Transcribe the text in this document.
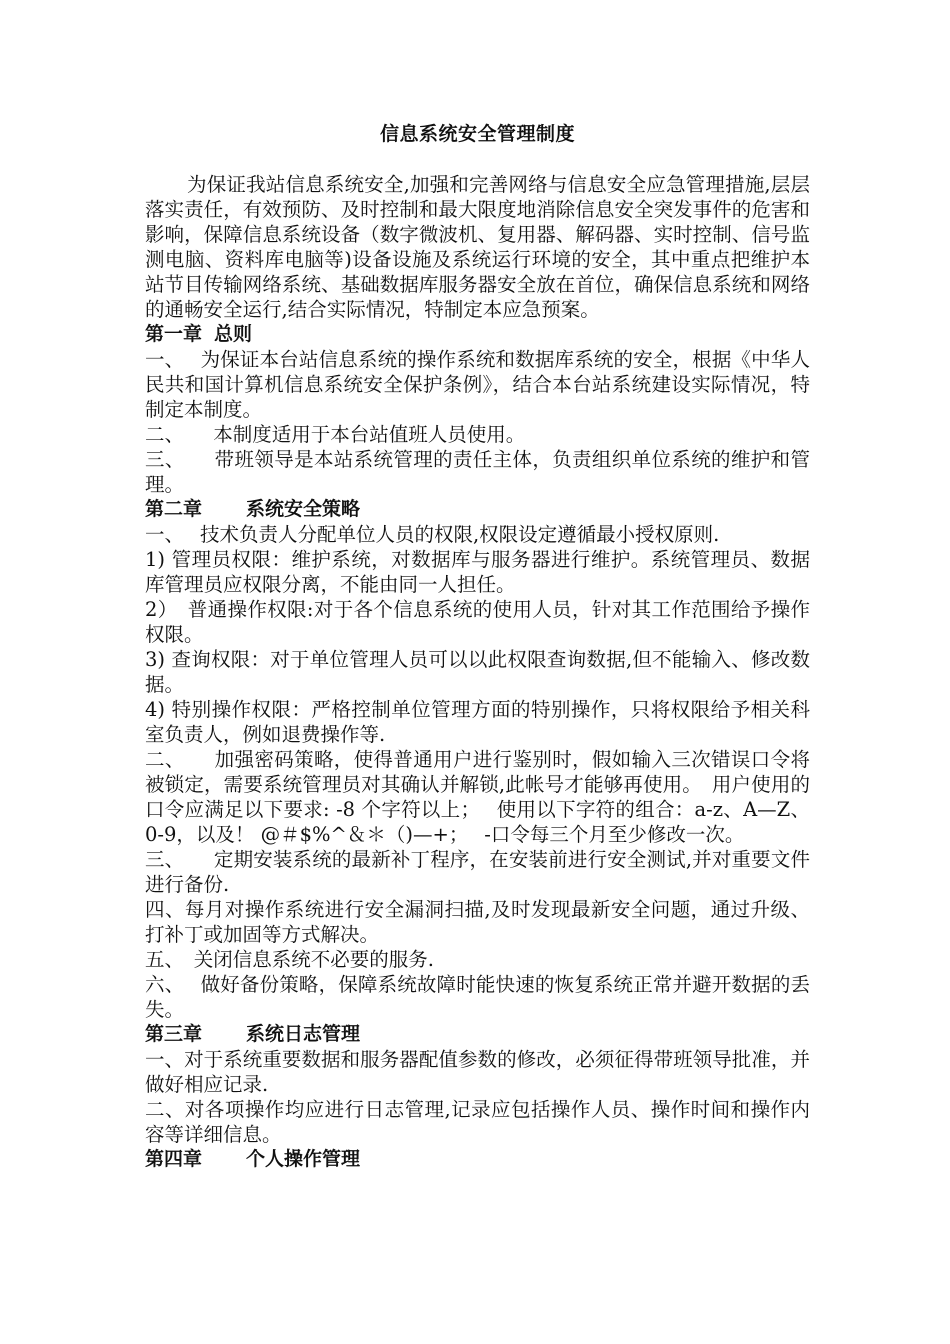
信息系统安全管理制度

为保证我站信息系统安全,加强和完善网络与信息安全应急管理措施,层层落实责任，有效预防、及时控制和最大限度地消除信息安全突发事件的危害和影响，保障信息系统设备（数字微波机、复用器、解码器、实时控制、信号监测电脑、资料库电脑等)设备设施及系统运行环境的安全，其中重点把维护本站节目传输网络系统、基础数据库服务器安全放在首位，确保信息系统和网络的通畅安全运行,结合实际情况，特制定本应急预案。

第一章 总则

一、　 为保证本台站信息系统的操作系统和数据库系统的安全，根据《中华人民共和国计算机信息系统安全保护条例》，结合本台站系统建设实际情况，特制定本制度。

二、　　本制度适用于本台站值班人员使用。

三、　　带班领导是本站系统管理的责任主体，负责组织单位系统的维护和管理。

第二章 系统安全策略

一、　 技术负责人分配单位人员的权限,权限设定遵循最小授权原则.

1) 管理员权限：维护系统，对数据库与服务器进行维护。系统管理员、数据库管理员应权限分离，不能由同一人担任。

2）　普通操作权限:对于各个信息系统的使用人员，针对其工作范围给予操作权限。

3) 查询权限：对于单位管理人员可以以此权限查询数据,但不能输入、修改数据。

4) 特别操作权限：严格控制单位管理方面的特别操作，只将权限给予相关科室负责人，例如退费操作等.

二、　　加强密码策略，使得普通用户进行鉴别时，假如输入三次错误口令将被锁定，需要系统管理员对其确认并解锁,此帐号才能够再使用。　用户使用的口令应满足以下要求: -8 个字符以上；　 使用以下字符的组合：a-z、A—Z、0-9，以及！ @＃$%^＆＊（)—+；　 -口令每三个月至少修改一次。

三、　　定期安装系统的最新补丁程序，在安装前进行安全测试,并对重要文件进行备份.

四、每月对操作系统进行安全漏洞扫描,及时发现最新安全问题，通过升级、打补丁或加固等方式解决。

五、　关闭信息系统不必要的服务.

六、　 做好备份策略，保障系统故障时能快速的恢复系统正常并避开数据的丢失。

第三章 系统日志管理

一、对于系统重要数据和服务器配值参数的修改，必须征得带班领导批准，并做好相应记录.

二、对各项操作均应进行日志管理,记录应包括操作人员、操作时间和操作内容等详细信息。

第四章 个人操作管理
